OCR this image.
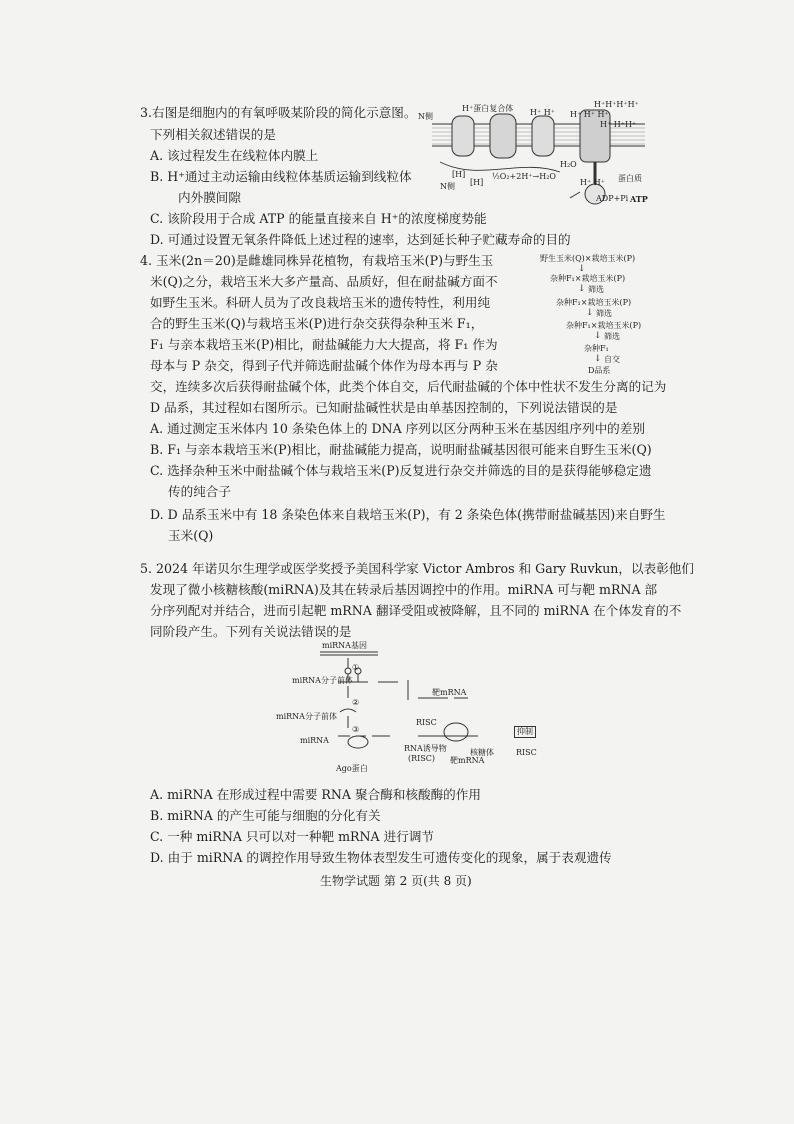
3.右图是细胞内的有氧呼吸某阶段的简化示意图。
下列相关叙述错误的是
A. 该过程发生在线粒体内膜上
B. H⁺通过主动运输由线粒体基质运输到线粒体
内外膜间隙
C. 该阶段用于合成 ATP 的能量直接来自 H⁺的浓度梯度势能
D. 可通过设置无氧条件降低上述过程的速率，达到延长种子贮藏寿命的目的
N侧
H⁺蛋白复合体 H⁺ H⁺
H⁺H⁺H⁺H⁺
H⁺ H⁺ H⁺
H⁺ H⁺H⁺
[H]
[H]
½O₂+2H⁺→H₂O
H₂O
N侧	H⁺ H⁺ 蛋白质
ATP
ADP+Pi
4. 玉米(2n＝20)是雌雄同株异花植物，有栽培玉米(P)与野生玉
米(Q)之分，栽培玉米大多产量高、品质好，但在耐盐碱方面不
如野生玉米。科研人员为了改良栽培玉米的遗传特性，利用纯
合的野生玉米(Q)与栽培玉米(P)进行杂交获得杂种玉米 F₁，
F₁ 与亲本栽培玉米(P)相比，耐盐碱能力大大提高，将 F₁ 作为
母本与 P 杂交，得到子代并筛选耐盐碱个体作为母本再与 P 杂
交，连续多次后获得耐盐碱个体，此类个体自交，后代耐盐碱的个体中性状不发生分离的记为
D 品系，其过程如右图所示。已知耐盐碱性状是由单基因控制的，下列说法错误的是
A. 通过测定玉米体内 10 条染色体上的 DNA 序列以区分两种玉米在基因组序列中的差别
B. F₁ 与亲本栽培玉米(P)相比，耐盐碱能力提高，说明耐盐碱基因很可能来自野生玉米(Q)
C. 选择杂种玉米中耐盐碱个体与栽培玉米(P)反复进行杂交并筛选的目的是获得能够稳定遗
传的纯合子
D. D 品系玉米中有 18 条染色体来自栽培玉米(P)，有 2 条染色体(携带耐盐碱基因)来自野生
玉米(Q)
野生玉米(Q)×栽培玉米(P)
↓
杂种F₁×栽培玉米(P)
↓ 筛选
杂种F₁×栽培玉米(P)
↓ 筛选
杂种F₁×栽培玉米(P)
↓ 筛选
杂种F₁
↓ 自交
D品系
5. 2024 年诺贝尔生理学或医学奖授予美国科学家 Victor Ambros 和 Gary Ruvkun，以表彰他们
发现了微小核糖核酸(miRNA)及其在转录后基因调控中的作用。miRNA 可与靶 mRNA 部
分序列配对并结合，进而引起靶 mRNA 翻译受阻或被降解，且不同的 miRNA 在个体发育的不
同阶段产生。下列有关说法错误的是
miRNA基因
①
miRNA分子前体
②
miRNA分子前体
③
miRNA
Ago蛋白
靶mRNA
RISC
RNA诱导物
(RISC) 靶mRNA
抑制
核糖体	RISC
A. miRNA 在形成过程中需要 RNA 聚合酶和核酸酶的作用
B. miRNA 的产生可能与细胞的分化有关
C. 一种 miRNA 只可以对一种靶 mRNA 进行调节
D. 由于 miRNA 的调控作用导致生物体表型发生可遗传变化的现象，属于表观遗传
生物学试题 第 2 页(共 8 页)
